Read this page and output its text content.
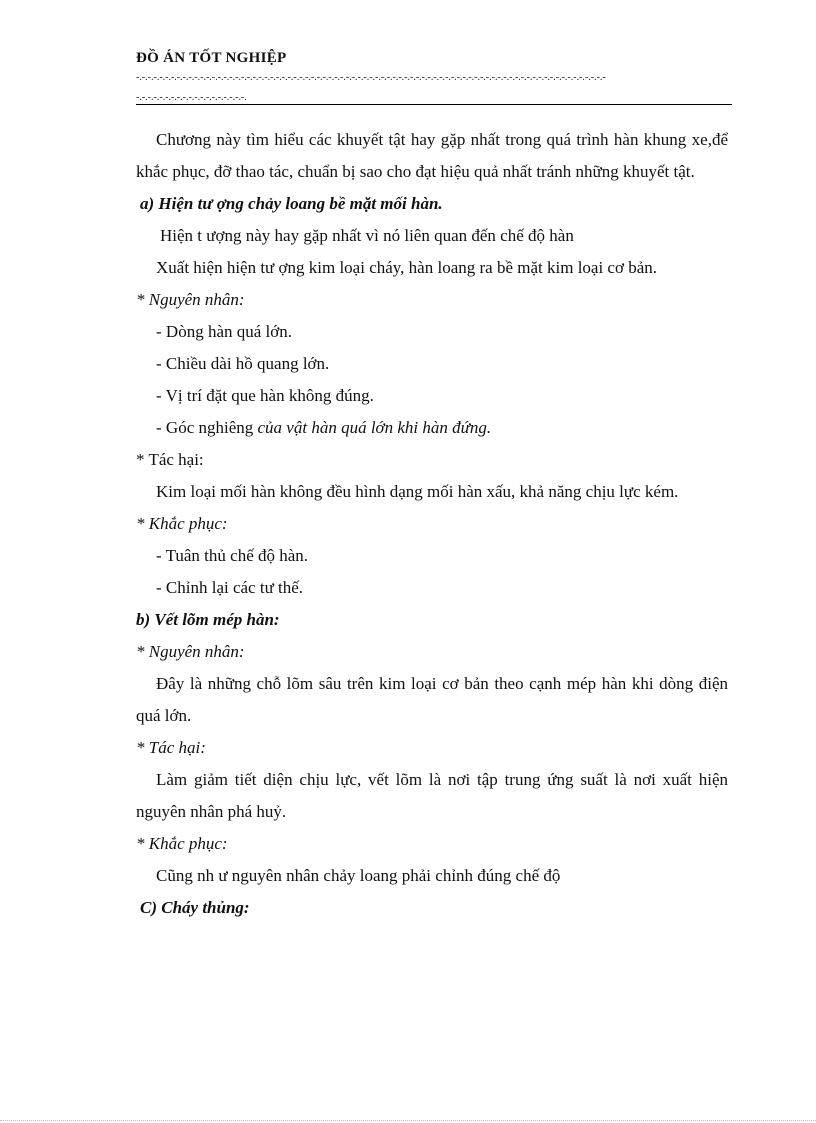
ĐỒ ÁN TỐT NGHIỆP
-.-.-.-.-.-.-.-.-.-.-.-.-.-.-.-.-.-.-.-.-.-.-.-.-.-.-.-.-.-.-.-.-.-.-.-.-.-.-.-.-.-.-.-.-.-.-.-.-.-.-.-.-.-.-.-.-.-.-.-.-.-.-.-.-.-.-.-.-.-.-.-.-.-.-.-.-.-.-.-.-
-.-.-.-.-.-.-.-.-.-.-.-.-.-.-.-.-.-.-.

Chương này tìm hiểu các khuyết tật hay gặp nhất trong quá trình hàn khung xe,để khắc phục, đỡ thao tác, chuẩn bị sao cho đạt hiệu quả nhất tránh những khuyết tật.

a) Hiện tư ợng chảy loang bề mặt mối hàn.

Hiện t ượng này hay gặp nhất vì nó liên quan đến chế độ hàn

Xuất hiện hiện tư ợng kim loại cháy, hàn loang ra bề mặt kim loại cơ bản.

* Nguyên nhân:

- Dòng hàn quá lớn.

- Chiều dài hồ quang lớn.

- Vị trí đặt que hàn không đúng.

- Góc nghiêng của vật hàn quá lớn khi hàn đứng.

* Tác hại:

Kim loại mối hàn không đều hình dạng mối hàn xấu, khả năng chịu lực kém.

* Khắc phục:

- Tuân thủ chế độ hàn.

- Chỉnh lại các tư thế.

b) Vết lõm mép hàn:

* Nguyên nhân:

Đây là những chỗ lõm sâu trên kim loại cơ bản theo cạnh mép hàn khi dòng điện quá lớn.

* Tác hại:

Làm giảm tiết diện chịu lực, vết lõm là nơi tập trung ứng suất là nơi xuất hiện nguyên nhân phá huỷ.

* Khắc phục:

Cũng nh ư nguyên nhân chảy loang phải chỉnh đúng chế độ

C) Cháy thủng:
